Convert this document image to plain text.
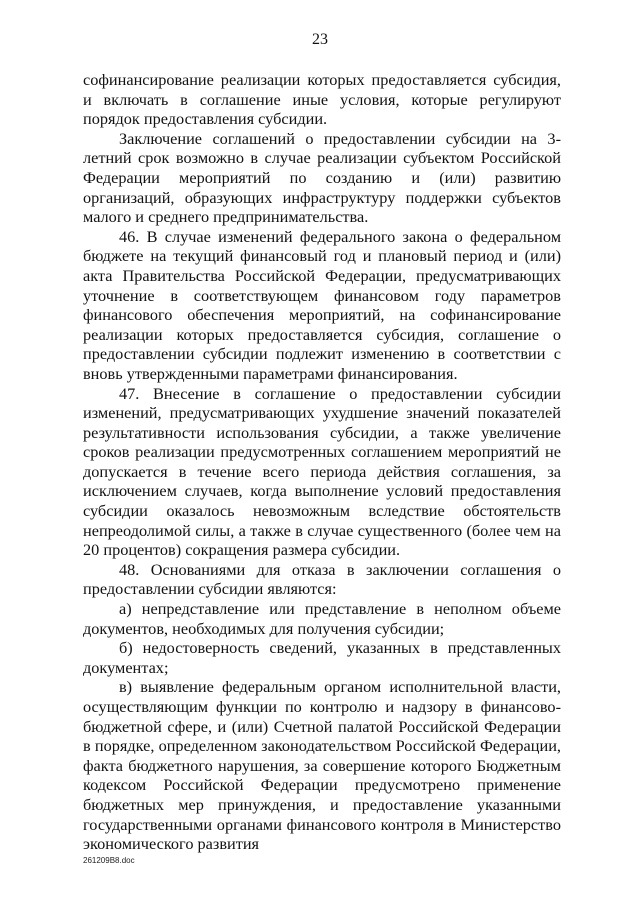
23

софинансирование реализации которых предоставляется субсидия, и включать в соглашение иные условия, которые регулируют порядок предоставления субсидии.

Заключение соглашений о предоставлении субсидии на 3-летний срок возможно в случае реализации субъектом Российской Федерации мероприятий по созданию и (или) развитию организаций, образующих инфраструктуру поддержки субъектов малого и среднего предпринимательства.

46. В случае изменений федерального закона о федеральном бюджете на текущий финансовый год и плановый период и (или) акта Правительства Российской Федерации, предусматривающих уточнение в соответствующем финансовом году параметров финансового обеспечения мероприятий, на софинансирование реализации которых предоставляется субсидия, соглашение о предоставлении субсидии подлежит изменению в соответствии с вновь утвержденными параметрами финансирования.

47. Внесение в соглашение о предоставлении субсидии изменений, предусматривающих ухудшение значений показателей результативности использования субсидии, а также увеличение сроков реализации предусмотренных соглашением мероприятий не допускается в течение всего периода действия соглашения, за исключением случаев, когда выполнение условий предоставления субсидии оказалось невозможным вследствие обстоятельств непреодолимой силы, а также в случае существенного (более чем на 20 процентов) сокращения размера субсидии.

48. Основаниями для отказа в заключении соглашения о предоставлении субсидии являются:

а) непредставление или представление в неполном объеме документов, необходимых для получения субсидии;

б) недостоверность сведений, указанных в представленных документах;

в) выявление федеральным органом исполнительной власти, осуществляющим функции по контролю и надзору в финансово-бюджетной сфере, и (или) Счетной палатой Российской Федерации в порядке, определенном законодательством Российской Федерации, факта бюджетного нарушения, за совершение которого Бюджетным кодексом Российской Федерации предусмотрено применение бюджетных мер принуждения, и предоставление указанными государственными органами финансового контроля в Министерство экономического развития

261209B8.doc
